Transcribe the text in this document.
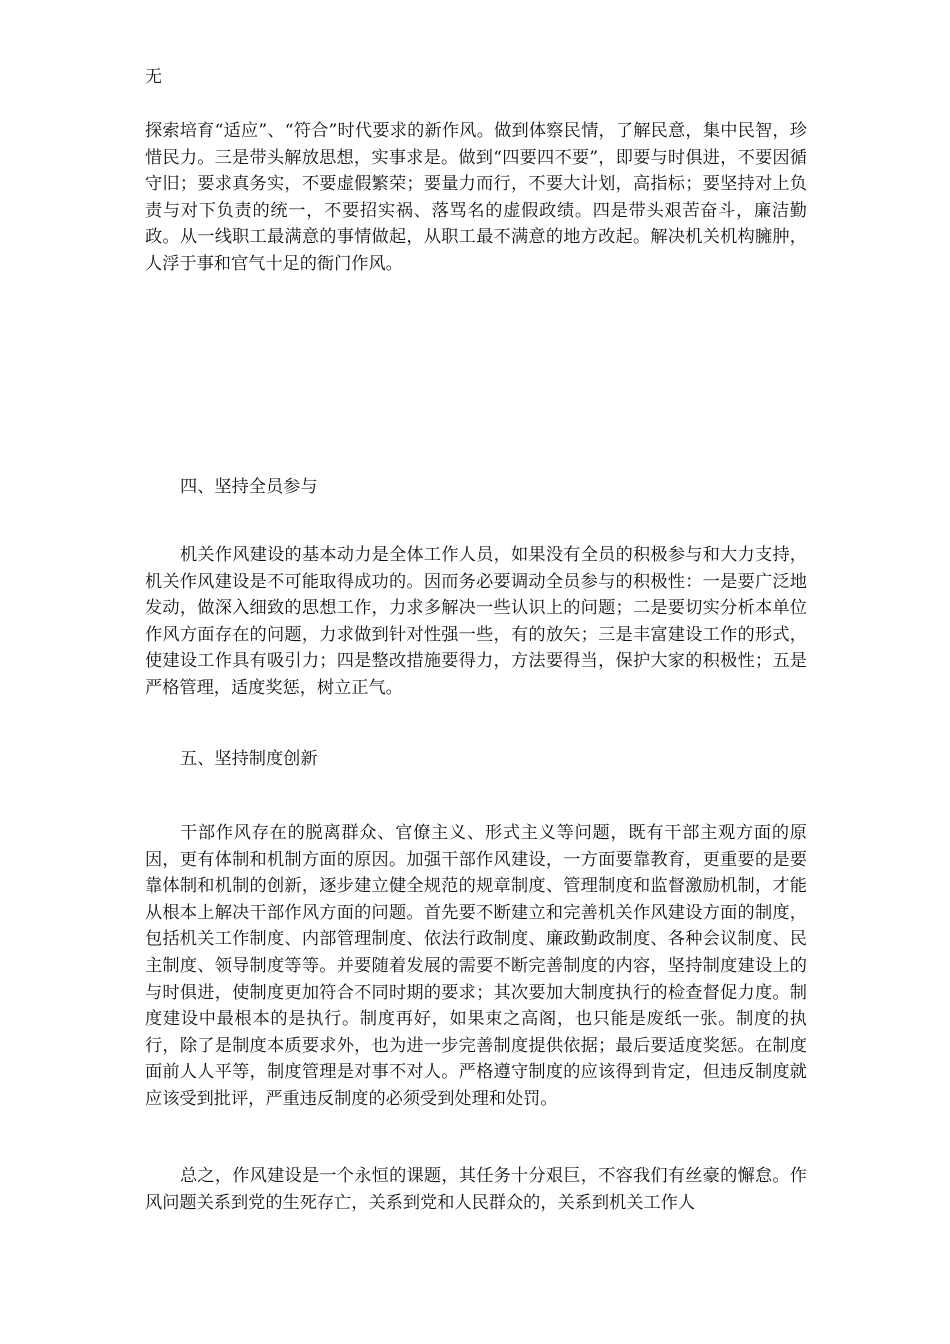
无

探索培育“适应”、“符合”时代要求的新作风。做到体察民情，了解民意，集中民智，珍惜民力。三是带头解放思想，实事求是。做到“四要四不要”，即要与时俱进，不要因循守旧；要求真务实，不要虚假繁荣；要量力而行，不要大计划，高指标；要坚持对上负责与对下负责的统一，不要招实祸、落骂名的虚假政绩。四是带头艰苦奋斗，廉洁勤政。从一线职工最满意的事情做起，从职工最不满意的地方改起。解决机关机构臃肿，人浮于事和官气十足的衙门作风。

四、坚持全员参与

机关作风建设的基本动力是全体工作人员，如果没有全员的积极参与和大力支持，机关作风建设是不可能取得成功的。因而务必要调动全员参与的积极性：一是要广泛地发动，做深入细致的思想工作，力求多解决一些认识上的问题；二是要切实分析本单位作风方面存在的问题，力求做到针对性强一些，有的放矢；三是丰富建设工作的形式，使建设工作具有吸引力；四是整改措施要得力，方法要得当，保护大家的积极性；五是严格管理，适度奖惩，树立正气。

五、坚持制度创新

干部作风存在的脱离群众、官僚主义、形式主义等问题，既有干部主观方面的原因，更有体制和机制方面的原因。加强干部作风建设，一方面要靠教育，更重要的是要靠体制和机制的创新，逐步建立健全规范的规章制度、管理制度和监督激励机制，才能从根本上解决干部作风方面的问题。首先要不断建立和完善机关作风建设方面的制度，包括机关工作制度、内部管理制度、依法行政制度、廉政勤政制度、各种会议制度、民主制度、领导制度等等。并要随着发展的需要不断完善制度的内容，坚持制度建设上的与时俱进，使制度更加符合不同时期的要求；其次要加大制度执行的检查督促力度。制度建设中最根本的是执行。制度再好，如果束之高阁，也只能是废纸一张。制度的执行，除了是制度本质要求外，也为进一步完善制度提供依据；最后要适度奖惩。在制度面前人人平等，制度管理是对事不对人。严格遵守制度的应该得到肯定，但违反制度就应该受到批评，严重违反制度的必须受到处理和处罚。

总之，作风建设是一个永恒的课题，其任务十分艰巨，不容我们有丝豪的懈怠。作风问题关系到党的生死存亡，关系到党和人民群众的，关系到机关工作人
